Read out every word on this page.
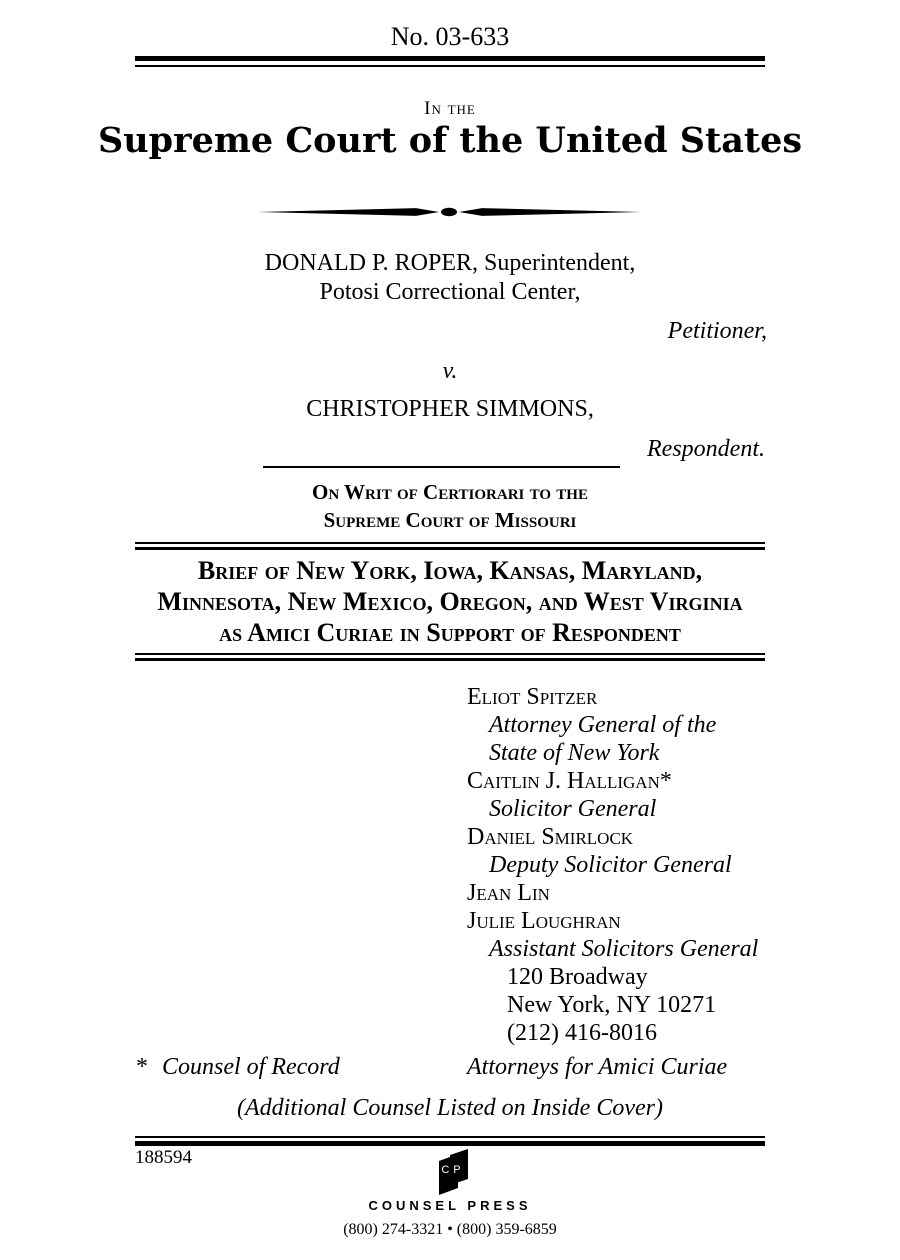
No. 03-633
In the
Supreme Court of the United States
DONALD P. ROPER, Superintendent,
Potosi Correctional Center,
Petitioner,
v.
CHRISTOPHER SIMMONS,
Respondent.
On Writ of Certiorari to the
Supreme Court of Missouri
Brief of New York, Iowa, Kansas, Maryland,
Minnesota, New Mexico, Oregon, and West Virginia
as Amici Curiae in Support of Respondent
Eliot Spitzer
Attorney General of the
State of New York
Caitlin J. Halligan*
Solicitor General
Daniel Smirlock
Deputy Solicitor General
Jean Lin
Julie Loughran
Assistant Solicitors General
120 Broadway
New York, NY 10271
(212) 416-8016
* Counsel of Record	Attorneys for Amici Curiae
(Additional Counsel Listed on Inside Cover)
188594
CP
COUNSEL PRESS
(800) 274-3321 • (800) 359-6859
